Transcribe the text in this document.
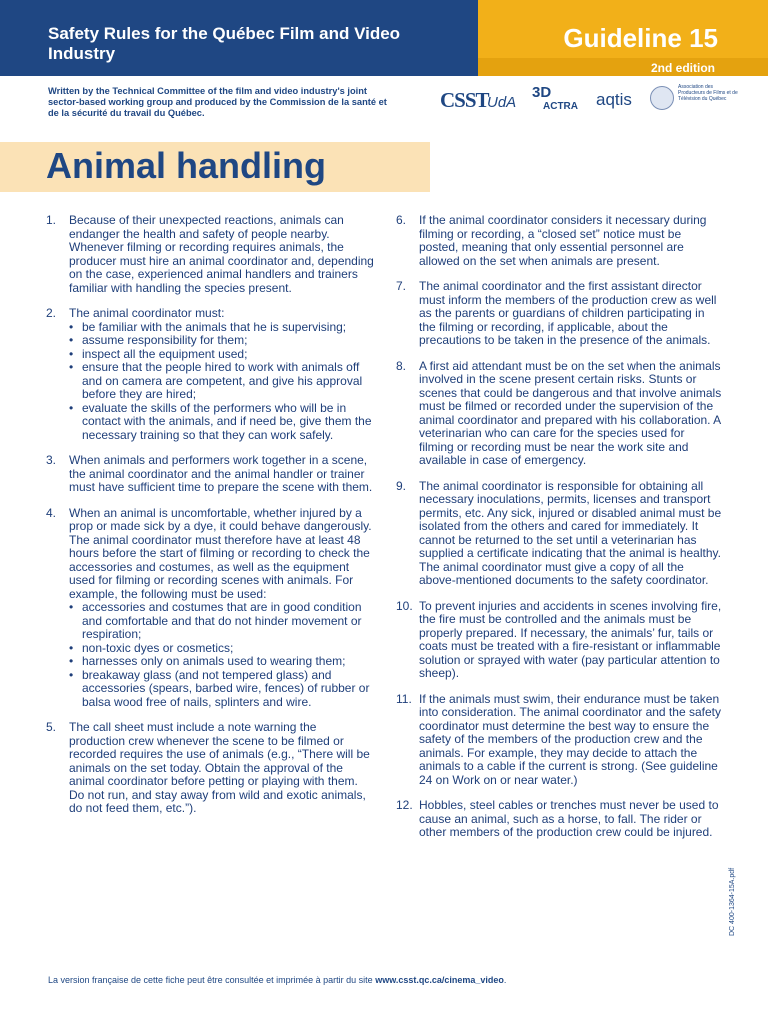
Safety Rules for the Québec Film and Video Industry
Guideline 15
2nd edition
Written by the Technical Committee of the film and video industry's joint sector-based working group and produced by the Commission de la santé et de la sécurité du travail du Québec.
CSST
UdA
3D
ACTRA aqtis
Association des Producteurs de Films et de Télévision du Québec
Animal handling
1. Because of their unexpected reactions, animals can endanger the health and safety of people nearby. Whenever filming or recording requires animals, the producer must hire an animal coordinator and, depending on the case, experienced animal handlers and trainers familiar with handling the species present.
2. The animal coordinator must:
• be familiar with the animals that he is supervising;
• assume responsibility for them;
• inspect all the equipment used;
• ensure that the people hired to work with animals off and on camera are competent, and give his approval before they are hired;
• evaluate the skills of the performers who will be in contact with the animals, and if need be, give them the necessary training so that they can work safely.
3. When animals and performers work together in a scene, the animal coordinator and the animal handler or trainer must have sufficient time to prepare the scene with them.
4. When an animal is uncomfortable, whether injured by a prop or made sick by a dye, it could behave dangerously. The animal coordinator must therefore have at least 48 hours before the start of filming or recording to check the accessories and costumes, as well as the equipment used for filming or recording scenes with animals. For example, the following must be used:
• accessories and costumes that are in good condition and comfortable and that do not hinder movement or respiration;
• non-toxic dyes or cosmetics;
• harnesses only on animals used to wearing them;
• breakaway glass (and not tempered glass) and accessories (spears, barbed wire, fences) of rubber or balsa wood free of nails, splinters and wire.
5. The call sheet must include a note warning the production crew whenever the scene to be filmed or recorded requires the use of animals (e.g., “There will be animals on the set today. Obtain the approval of the animal coordinator before petting or playing with them. Do not run, and stay away from wild and exotic animals, do not feed them, etc.”).
6. If the animal coordinator considers it necessary during filming or recording, a “closed set” notice must be posted, meaning that only essential personnel are allowed on the set when animals are present.
7. The animal coordinator and the first assistant director must inform the members of the production crew as well as the parents or guardians of children participating in the filming or recording, if applicable, about the precautions to be taken in the presence of the animals.
8. A first aid attendant must be on the set when the animals involved in the scene present certain risks. Stunts or scenes that could be dangerous and that involve animals must be filmed or recorded under the supervision of the animal coordinator and prepared with his collaboration. A veterinarian who can care for the species used for filming or recording must be near the work site and available in case of emergency.
9. The animal coordinator is responsible for obtaining all necessary inoculations, permits, licenses and transport permits, etc. Any sick, injured or disabled animal must be isolated from the others and cared for immediately. It cannot be returned to the set until a veterinarian has supplied a certificate indicating that the animal is healthy. The animal coordinator must give a copy of all the above-mentioned documents to the safety coordinator.
10. To prevent injuries and accidents in scenes involving fire, the fire must be controlled and the animals must be properly prepared. If necessary, the animals’ fur, tails or coats must be treated with a fire-resistant or inflammable solution or sprayed with water (pay particular attention to sheep).
11. If the animals must swim, their endurance must be taken into consideration. The animal coordinator and the safety coordinator must determine the best way to ensure the safety of the members of the production crew and the animals. For example, they may decide to attach the animals to a cable if the current is strong. (See guideline 24 on Work on or near water.)
12. Hobbles, steel cables or trenches must never be used to cause an animal, such as a horse, to fall. The rider or other members of the production crew could be injured.
La version française de cette fiche peut être consultée et imprimée à partir du site www.csst.qc.ca/cinema_video.
DC 400-1364-15A.pdf
